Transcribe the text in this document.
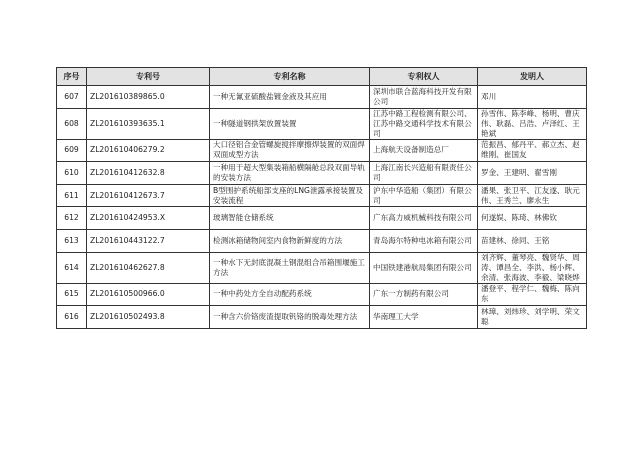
序号	专利号	专利名称	专利权人	发明人
607	ZL201610389865.0	一种无氰亚硫酸盐镀金液及其应用	深圳市联合蓝海科技开发有限公司	邓川
608	ZL201610393635.1	一种隧道钢拱架放置装置	江苏中路工程检测有限公司、江苏中路交通科学技术有限公司	孙雪伟、陈李峰、杨明、曹庆伟、耿磊、吕浩、卢泽红、王艳斌
609	ZL201610406279.2	大口径铝合金管螺旋搅拌摩擦焊装置的双面焊双面成型方法	上海航天设备制造总厂	范振昌、郁丹平、郝立杰、赵维刚、崔国友
610	ZL201610412632.8	一种用于超大型集装箱船横隔舱总段双面导轨的安装方法	上海江南长兴造船有限责任公司	罗金、王建明、翟雪刚
611	ZL201610412673.7	B型围护系统船部支座的LNG泄露承接装置及安装流程	沪东中华造船（集团）有限公司	潘果、张卫平、江友遂、耿元伟、王秀兰、廖永生
612	ZL201610424953.X	玻璃智能仓储系统	广东高力威机械科技有限公司	何遂娱、陈琦、林佛钦
613	ZL201610443122.7	检测冰箱储物间室内食物新鲜度的方法	青岛海尔特种电冰箱有限公司	苗建林、徐同、王铭
614	ZL201610462627.8	一种水下无封底混凝土钢混组合吊箱围堰施工方法	中国铁建港航局集团有限公司	刘齐辉、董琴亮、魏贤华、周涛、谭昌全、李洪、杨小辉、余清、张海波、李毅、梁晓烨
615	ZL201610500966.0	一种中药处方全自动配药系统	广东一方制药有限公司	潘登平、程学仁、魏梅、陈向东
616	ZL201610502493.8	一种含六价铬废渣提取钒铬的脱毒处理方法	华南理工大学	林璋、刘炜珍、刘学明、荣文聪
